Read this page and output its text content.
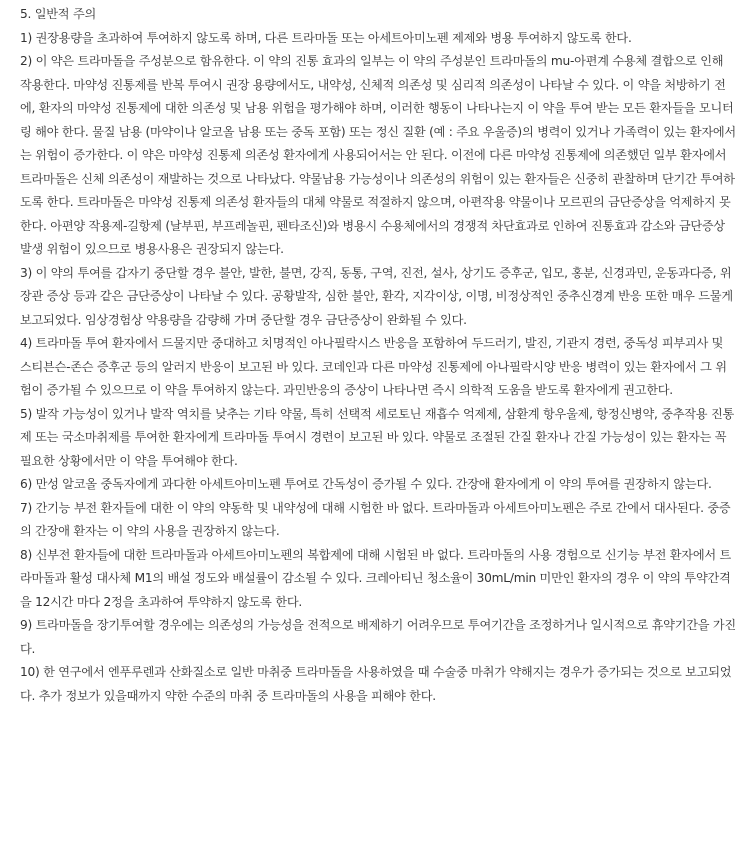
5. 일반적 주의

1) 권장용량을 초과하여 투여하지 않도록 하며, 다른 트라마돌 또는 아세트아미노펜 제제와 병용 투여하지 않도록 한다.

2) 이 약은 트라마돌을 주성분으로 함유한다. 이 약의 진통 효과의 일부는 이 약의 주성분인 트라마돌의 mu-아편계 수용체 결합으로 인해 작용한다. 마약성 진통제를 반복 투여시 권장 용량에서도, 내약성, 신체적 의존성 및 심리적 의존성이 나타날 수 있다. 이 약을 처방하기 전에, 환자의 마약성 진통제에 대한 의존성 및 남용 위험을 평가해야 하며, 이러한 행동이 나타나는지 이 약을 투여 받는 모든 환자들을 모니터링 해야 한다. 물질 남용 (마약이나 알코올 남용 또는 중독 포함) 또는 정신 질환 (예 : 주요 우울증)의 병력이 있거나 가족력이 있는 환자에서는 위험이 증가한다. 이 약은 마약성 진통제 의존성 환자에게 사용되어서는 안 된다. 이전에 다른 마약성 진통제에 의존했던 일부 환자에서 트라마돌은 신체 의존성이 재발하는 것으로 나타났다. 약물남용 가능성이나 의존성의 위험이 있는 환자들은 신중히 관찰하며 단기간 투여하도록 한다. 트라마돌은 마약성 진통제 의존성 환자들의 대체 약물로 적절하지 않으며, 아편작용 약물이나 모르핀의 금단증상을 억제하지 못한다. 아편양 작용제-길항제 (날부핀, 부프레놀핀, 펜타조신)와 병용시 수용체에서의 경쟁적 차단효과로 인하여 진통효과 감소와 금단증상 발생 위험이 있으므로 병용사용은 권장되지 않는다.

3) 이 약의 투여를 갑자기 중단할 경우 불안, 발한, 불면, 강직, 동통, 구역, 진전, 설사, 상기도 증후군, 입모, 홍분, 신경과민, 운동과다증, 위장관 증상 등과 같은 금단증상이 나타날 수 있다. 공황발작, 심한 불안, 환각, 지각이상, 이명, 비정상적인 중추신경계 반응 또한 매우 드물게 보고되었다. 임상경험상 약용량을 감량해 가며 중단할 경우 금단증상이 완화될 수 있다.

4) 트라마돌 투여 환자에서 드물지만 중대하고 치명적인 아나필락시스 반응을 포함하여 두드러기, 발진, 기관지 경련, 중독성 피부괴사 및 스티븐슨-존슨 증후군 등의 알러지 반응이 보고된 바 있다. 코데인과 다른 마약성 진통제에 아나필락시양 반응 병력이 있는 환자에서 그 위험이 증가될 수 있으므로 이 약을 투여하지 않는다. 과민반응의 증상이 나타나면 즉시 의학적 도움을 받도록 환자에게 권고한다.

5) 발작 가능성이 있거나 발작 역치를 낮추는 기타 약물, 특히 선택적 세로토닌 재흡수 억제제, 삼환계 항우울제, 항정신병약, 중추작용 진통제 또는 국소마취제를 투여한 환자에게 트라마돌 투여시 경련이 보고된 바 있다. 약물로 조절된 간질 환자나 간질 가능성이 있는 환자는 꼭 필요한 상황에서만 이 약을 투여해야 한다.

6) 만성 알코올 중독자에게 과다한 아세트아미노펜 투여로 간독성이 증가될 수 있다. 간장애 환자에게 이 약의 투여를 권장하지 않는다.

7) 간기능 부전 환자들에 대한 이 약의 약동학 및 내약성에 대해 시험한 바 없다. 트라마돌과 아세트아미노펜은 주로 간에서 대사된다. 중증의 간장애 환자는 이 약의 사용을 권장하지 않는다.

8) 신부전 환자들에 대한 트라마돌과 아세트아미노펜의 복합제에 대해 시험된 바 없다. 트라마돌의 사용 경험으로 신기능 부전 환자에서 트라마돌과 활성 대사체 M1의 배설 정도와 배설률이 감소될 수 있다. 크레아티닌 청소율이 30mL/min 미만인 환자의 경우 이 약의 투약간격을 12시간 마다 2정을 초과하여 투약하지 않도록 한다.

9) 트라마돌을 장기투여할 경우에는 의존성의 가능성을 전적으로 배제하기 어려우므로 투여기간을 조정하거나 일시적으로 휴약기간을 가진다.

10) 한 연구에서 엔푸루렌과 산화질소로 일반 마취중 트라마돌을 사용하였을 때 수술중 마취가 약해지는 경우가 증가되는 것으로 보고되었다. 추가 정보가 있을때까지 약한 수준의 마취 중 트라마돌의 사용을 피해야 한다.
